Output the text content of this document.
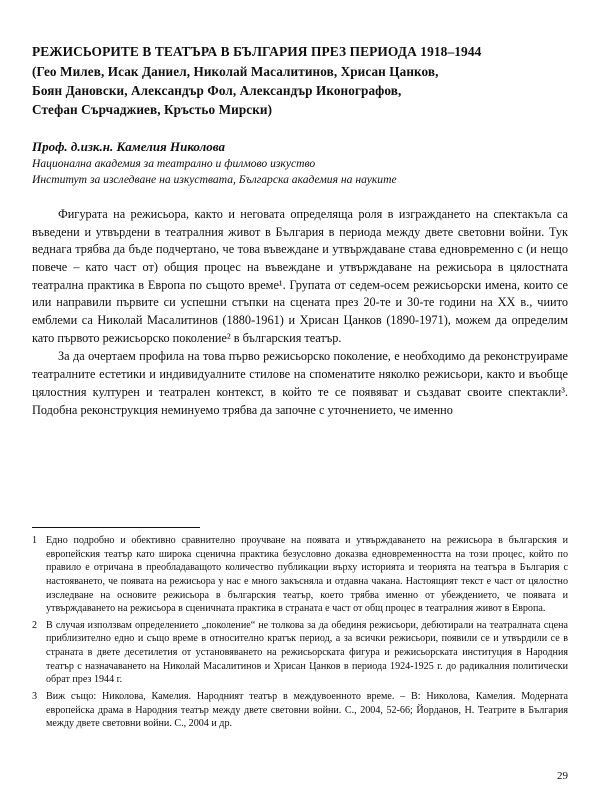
РЕЖИСЬОРИТЕ В ТЕАТЪРА В БЪЛГАРИЯ ПРЕЗ ПЕРИОДА 1918–1944
(Гео Милев, Исак Даниел, Николай Масалитинов, Хрисан Цанков,
Боян Дановски, Александър Фол, Александър Иконографов,
Стефан Сърчаджиев, Кръстьо Мирски)

Проф. д.изк.н. Камелия Николова

Национална академия за театрално и филмово изкуство

Институт за изследване на изкуствата, Българска академия на науките

Фигурата на режисьора, както и неговата определяща роля в изграждането на спектакъла са въведени и утвърдени в театралния живот в България в периода между двете световни войни. Тук веднага трябва да бъде подчертано, че това въвеждане и утвърждаване става едновременно с (и нещо повече – като част от) общия процес на въвеждане и утвърждаване на режисьора в цялостната театрална практика в Европа по същото време¹. Групата от седем-осем режисьорски имена, които се или направили първите си успешни стъпки на сцената през 20-те и 30-те години на ХХ в., чиито емблеми са Николай Масалитинов (1880-1961) и Хрисан Цанков (1890-1971), можем да определим като първото режисьорско поколение² в българския театър.

За да очертаем профила на това първо режисьорско поколение, е необходимо да реконструираме театралните естетики и индивидуалните стилове на споменатите няколко режисьори, както и въобще цялостния културен и театрален контекст, в който те се появяват и създават своите спектакли³. Подобна реконструкция неминуемо трябва да започне с уточнението, че именно

1 Едно подробно и обективно сравнително проучване на появата и утвърждаването на режисьора в българския и европейския театър като широка сценична практика безусловно доказва едновременността на този процес, който по правило е отричана в преобладаващото количество публикации върху историята и теорията на театъра в България с настояването, че появата на режисьора у нас е много закъсняла и отдавна чакана. Настоящият текст е част от цялостно изследване на основите режисьора в българския театър, което трябва именно от убеждението, че появата и утвърждаването на режисьора в сценичната практика в страната е част от общ процес в театралния живот в Европа.
2 В случая използвам определението „поколение“ не толкова за да обединя режисьори, дебютирали на театралната сцена приблизително едно и също време в относително кратък период, а за всички режисьори, появили се и утвърдили се в страната в двете десетилетия от установяването на режисьорската фигура и режисьорската институция в Народния театър с назначаването на Николай Масалитинов и Хрисан Цанков в периода 1924-1925 г. до радикалния политически обрат през 1944 г.
3 Виж също: Николова, Камелия. Народният театър в междувоенното време. – В: Николова, Камелия. Модерната европейска драма в Народния театър между двете световни войни. С., 2004, 52-66; Йорданов, Н. Театрите в България между двете световни войни. С., 2004 и др.
29
